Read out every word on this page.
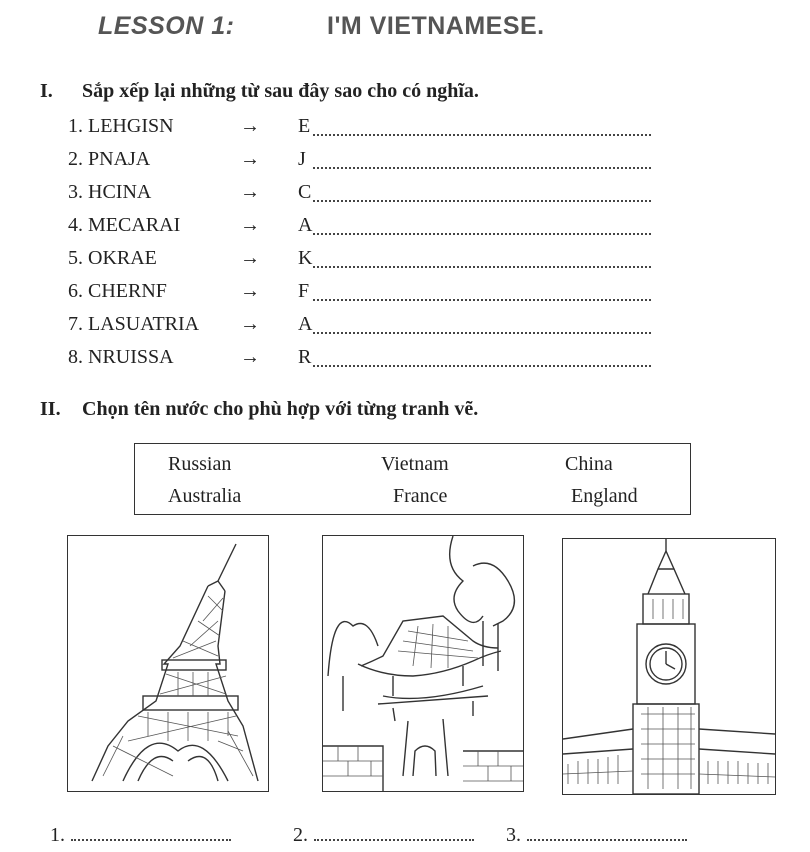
LESSON 1:	I'M VIETNAMESE.
I. Sắp xếp lại những từ sau đây sao cho có nghĩa.
1. LEHGISN	→ E
2. PNAJA	→ J
3. HCINA	→ C
4. MECARAI	→ A
5. OKRAE	→ K
6. CHERNF	→ F
7. LASUATRIA → A
8. NRUISSA	→ R
II. Chọn tên nước cho phù hợp với từng tranh vẽ.
Russian	Vietnam	China
Australia	France	England
1.	2.	3.
